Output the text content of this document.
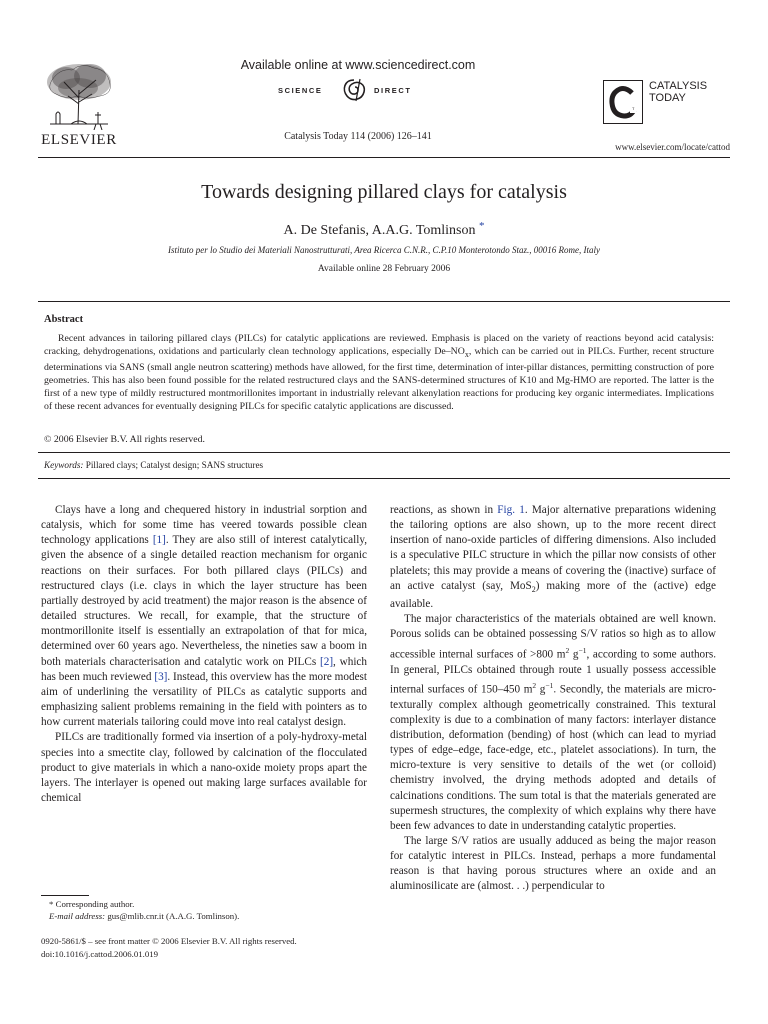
ELSEVIER
Available online at www.sciencedirect.com
SCIENCE	DIRECT
Catalysis Today 114 (2006) 126–141
T
CATALYSIS
TODAY
www.elsevier.com/locate/cattod
Towards designing pillared clays for catalysis
A. De Stefanis, A.A.G. Tomlinson *
Istituto per lo Studio dei Materiali Nanostrutturati, Area Ricerca C.N.R., C.P.10 Monterotondo Staz., 00016 Rome, Italy
Available online 28 February 2006
Abstract

Recent advances in tailoring pillared clays (PILCs) for catalytic applications are reviewed. Emphasis is placed on the variety of reactions beyond acid catalysis: cracking, dehydrogenations, oxidations and particularly clean technology applications, especially $De-NO_x$, which can be carried out in PILCs. Further, recent structure determinations via SANS (small angle neutron scattering) methods have allowed, for the first time, determination of inter-pillar distances, permitting construction of pore geometries. This has also been found possible for the related restructured clays and the SANS-determined structures of K10 and Mg-HMO are reported. The latter is the first of a new type of mildly restructured montmorillonites important in industrially relevant alkenylation reactions for producing key organic intermediates. Implications of these recent advances for eventually designing PILCs for specific catalytic applications are discussed.

© 2006 Elsevier B.V. All rights reserved.
Keywords: Pillared clays; Catalyst design; SANS structures

Clays have a long and chequered history in industrial sorption and catalysis, which for some time has veered towards possible clean technology applications [1]. They are also still of interest catalytically, given the absence of a single detailed reaction mechanism for organic reactions on their surfaces. For both pillared clays (PILCs) and restructured clays (i.e. clays in which the layer structure has been partially destroyed by acid treatment) the major reason is the absence of detailed structures. We recall, for example, that the structure of montmorillonite itself is essentially an extrapolation of that for mica, determined over 60 years ago. Nevertheless, the nineties saw a boom in both materials characterisation and catalytic work on PILCs [2], which has been much reviewed [3]. Instead, this overview has the more modest aim of underlining the versatility of PILCs as catalytic supports and emphasizing salient problems remaining in the field with pointers as to how current materials tailoring could move into real catalyst design.

PILCs are traditionally formed via insertion of a poly-hydroxy-metal species into a smectite clay, followed by calcination of the flocculated product to give materials in which a nano-oxide moiety props apart the layers. The interlayer is opened out making large surfaces available for chemical

reactions, as shown in Fig. 1. Major alternative preparations widening the tailoring options are also shown, up to the more recent direct insertion of nano-oxide particles of differing dimensions. Also included is a speculative PILC structure in which the pillar now consists of other platelets; this may provide a means of covering the (inactive) surface of an active catalyst (say, MoS$_2$) making more of the (active) edge available.

The major characteristics of the materials obtained are well known. Porous solids can be obtained possessing S/V ratios so high as to allow accessible internal surfaces of >800 $m^2$ $g^{-1}$, according to some authors. In general, PILCs obtained through route 1 usually possess accessible internal surfaces of 150–450 $m^2$ $g^{-1}$. Secondly, the materials are micro-texturally complex although geometrically constrained. This textural complexity is due to a combination of many factors: interlayer distance distribution, deformation (bending) of host (which can lead to myriad types of edge–edge, face-edge, etc., platelet associations). In turn, the micro-texture is very sensitive to details of the wet (or colloid) chemistry involved, the drying methods adopted and details of calcinations conditions. The sum total is that the materials generated are supermesh structures, the complexity of which explains why there have been few advances to date in understanding catalytic properties.

The large S/V ratios are usually adduced as being the major reason for catalytic interest in PILCs. Instead, perhaps a more fundamental reason is that having porous structures where an oxide and an aluminosilicate are (almost. . .) perpendicular to

* Corresponding author.
E-mail address: gus@mlib.cnr.it (A.A.G. Tomlinson).
0920-5861/$ – see front matter © 2006 Elsevier B.V. All rights reserved.
doi:10.1016/j.cattod.2006.01.019
